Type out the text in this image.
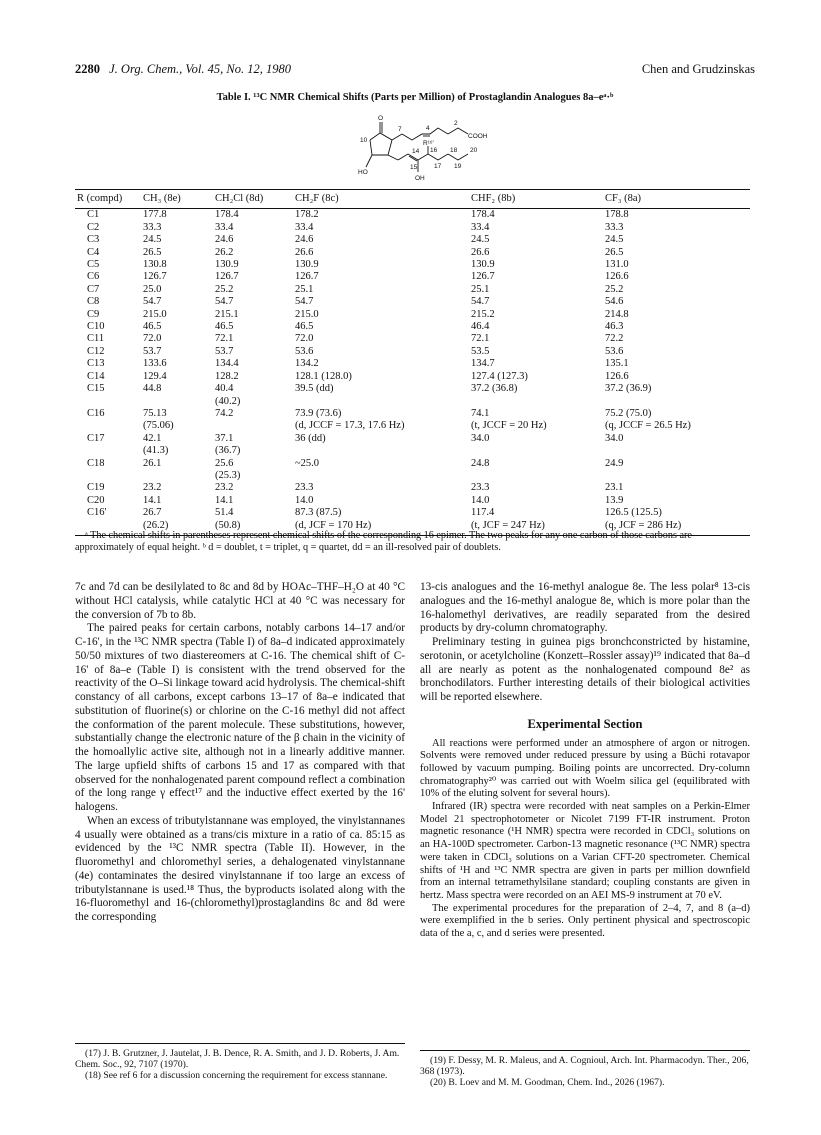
2280 J. Org. Chem., Vol. 45, No. 12, 1980	Chen and Grudzinskas
Table I. ¹³C NMR Chemical Shifts (Parts per Million) of Prostaglandin Analogues 8a–eᵃ·ᵇ
O
10
7	4
2
COOH
R¹⁶'
14 16 18 20
HO
15
OH
17 19
R (compd)	CH₃ (8e)	CH₂Cl (8d)	CH₂F (8c)	CHF₂ (8b)	CF₃ (8a)
C1	177.8	178.4	178.2	178.4	178.8
C2	33.3	33.4	33.4	33.4	33.3
C3	24.5	24.6	24.6	24.5	24.5
C4	26.5	26.2	26.6	26.6	26.5
C5	130.8	130.9	130.9	130.9	131.0
C6	126.7	126.7	126.7	126.7	126.6
C7	25.0	25.2	25.1	25.1	25.2
C8	54.7	54.7	54.7	54.7	54.6
C9	215.0	215.1	215.0	215.2	214.8
C10	46.5	46.5	46.5	46.4	46.3
C11	72.0	72.1	72.0	72.1	72.2
C12	53.7	53.7	53.6	53.5	53.6
C13	133.6	134.4	134.2	134.7	135.1
C14	129.4	128.2	128.1 (128.0)	127.4 (127.3)	126.6
C15	44.8	40.4	39.5 (dd)	37.2 (36.8)	37.2 (36.9)
		(40.2)			
C16	75.13	74.2	73.9 (73.6)	74.1	75.2 (75.0)
	(75.06)		(d, JCCF = 17.3, 17.6 Hz)	(t, JCCF = 20 Hz)	(q, JCCF = 26.5 Hz)
C17	42.1	37.1	36 (dd)	34.0	34.0
	(41.3)	(36.7)			
C18	26.1	25.6	~25.0	24.8	24.9
		(25.3)			
C19	23.2	23.2	23.3	23.3	23.1
C20	14.1	14.1	14.0	14.0	13.9
C16'	26.7	51.4	87.3 (87.5)	117.4	126.5 (125.5)
	(26.2)	(50.8)	(d, JCF = 170 Hz)	(t, JCF = 247 Hz)	(q, JCF = 286 Hz)
ᵃ The chemical shifts in parentheses represent chemical shifts of the corresponding 16 epimer. The two peaks for any one carbon of those carbons are approximately of equal height. ᵇ d = doublet, t = triplet, q = quartet, dd = an ill-resolved pair of doublets.

7c and 7d can be desilylated to 8c and 8d by HOAc–THF–H₂O at 40 °C without HCl catalysis, while catalytic HCl at 40 °C was necessary for the conversion of 7b to 8b.

The paired peaks for certain carbons, notably carbons 14–17 and/or C-16', in the ¹³C NMR spectra (Table I) of 8a–d indicated approximately 50/50 mixtures of two diastereomers at C-16. The chemical shift of C-16' of 8a–e (Table I) is consistent with the trend observed for the reactivity of the O–Si linkage toward acid hydrolysis. The chemical-shift constancy of all carbons, except carbons 13–17 of 8a–e indicated that substitution of fluorine(s) or chlorine on the C-16 methyl did not affect the conformation of the parent molecule. These substitutions, however, substantially change the electronic nature of the β chain in the vicinity of the homoallylic active site, although not in a linearly additive manner. The large upfield shifts of carbons 15 and 17 as compared with that observed for the nonhalogenated parent compound reflect a combination of the long range γ effect¹⁷ and the inductive effect exerted by the 16' halogens.

When an excess of tributylstannane was employed, the vinylstannanes 4 usually were obtained as a trans/cis mixture in a ratio of ca. 85:15 as evidenced by the ¹³C NMR spectra (Table II). However, in the fluoromethyl and chloromethyl series, a dehalogenated vinylstannane (4e) contaminates the desired vinylstannane if too large an excess of tributylstannane is used.¹⁸ Thus, the byproducts isolated along with the 16-fluoromethyl and 16-(chloromethyl)prostaglandins 8c and 8d were the corresponding

13-cis analogues and the 16-methyl analogue 8e. The less polar⁸ 13-cis analogues and the 16-methyl analogue 8e, which is more polar than the 16-halomethyl derivatives, are readily separated from the desired products by dry-column chromatography.

Preliminary testing in guinea pigs bronchconstricted by histamine, serotonin, or acetylcholine (Konzett–Rossler assay)¹⁹ indicated that 8a–d all are nearly as potent as the nonhalogenated compound 8e² as bronchodilators. Further interesting details of their biological activities will be reported elsewhere.

Experimental Section

All reactions were performed under an atmosphere of argon or nitrogen. Solvents were removed under reduced pressure by using a Büchi rotavapor followed by vacuum pumping. Boiling points are uncorrected. Dry-column chromatography²⁰ was carried out with Woelm silica gel (equilibrated with 10% of the eluting solvent for several hours).

Infrared (IR) spectra were recorded with neat samples on a Perkin-Elmer Model 21 spectrophotometer or Nicolet 7199 FT-IR instrument. Proton magnetic resonance (¹H NMR) spectra were recorded in CDCl₃ solutions on an HA-100D spectrometer. Carbon-13 magnetic resonance (¹³C NMR) spectra were taken in CDCl₃ solutions on a Varian CFT-20 spectrometer. Chemical shifts of ¹H and ¹³C NMR spectra are given in parts per million downfield from an internal tetramethylsilane standard; coupling constants are given in hertz. Mass spectra were recorded on an AEI MS-9 instrument at 70 eV.

The experimental procedures for the preparation of 2–4, 7, and 8 (a–d) were exemplified in the b series. Only pertinent physical and spectroscopic data of the a, c, and d series were presented.

(17) J. B. Grutzner, J. Jautelat, J. B. Dence, R. A. Smith, and J. D. Roberts, J. Am. Chem. Soc., 92, 7107 (1970).

(18) See ref 6 for a discussion concerning the requirement for excess stannane.

(19) F. Dessy, M. R. Maleus, and A. Cognioul, Arch. Int. Pharmacodyn. Ther., 206, 368 (1973).

(20) B. Loev and M. M. Goodman, Chem. Ind., 2026 (1967).
